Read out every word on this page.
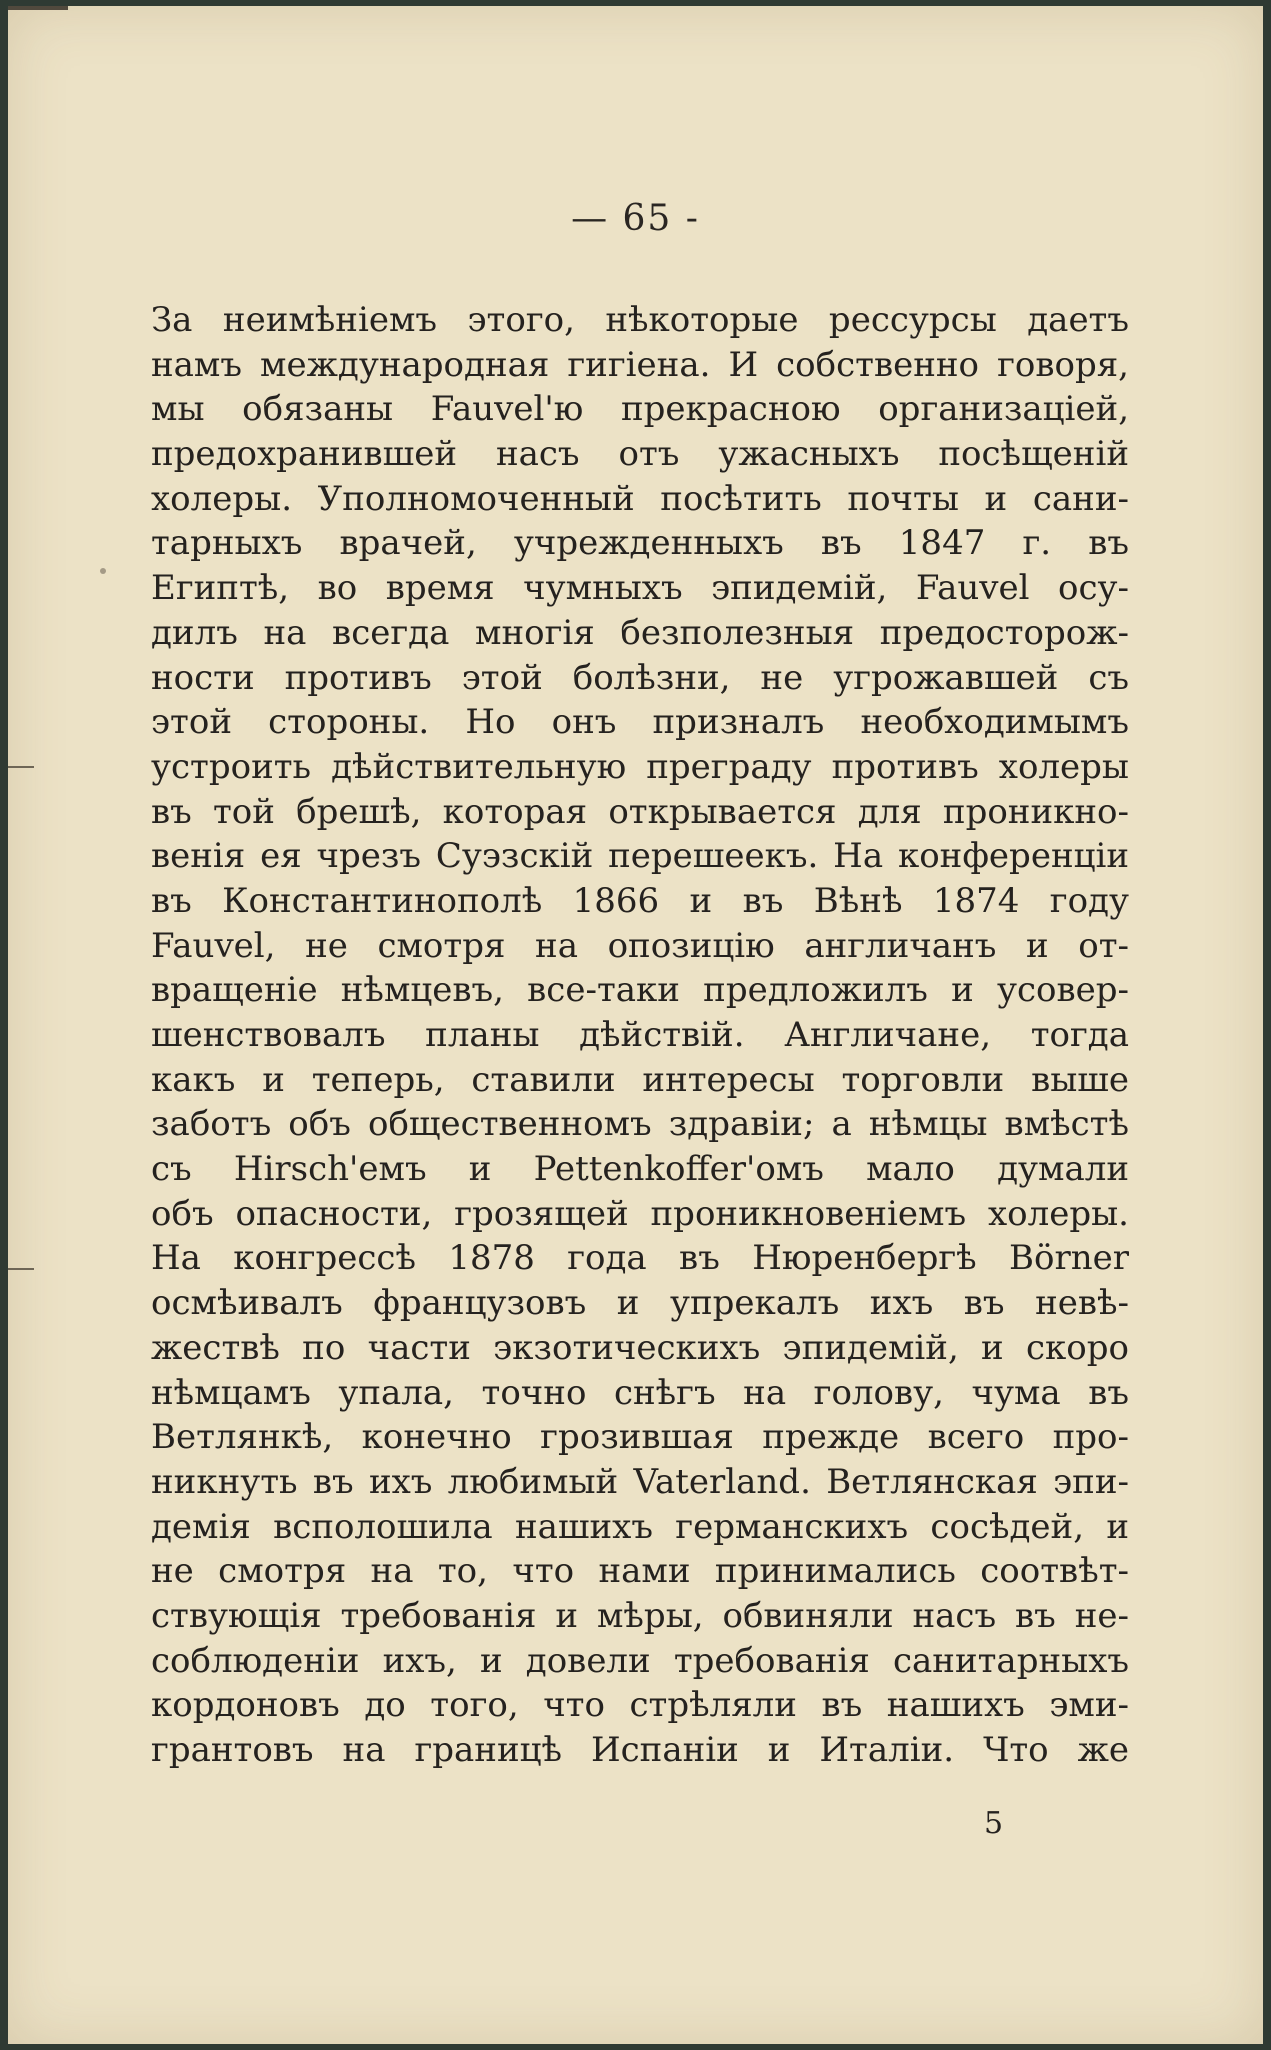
— 65 -
За неимѣніемъ этого, нѣкоторые рессурсы даетъ
намъ международная гигіена. И собственно говоря,
мы обязаны Fauvel'ю прекрасною организаціей,
предохранившей насъ отъ ужасныхъ посѣщеній
холеры. Уполномоченный посѣтить почты и сани-
тарныхъ врачей, учрежденныхъ въ 1847 г. въ
Египтѣ, во время чумныхъ эпидемій, Fauvel осу-
дилъ на всегда многія безполезныя предосторож-
ности противъ этой болѣзни, не угрожавшей съ
этой стороны. Но онъ призналъ необходимымъ
устроить дѣйствительную преграду противъ холеры
въ той брешѣ, которая открывается для проникно-
венія ея чрезъ Суэзскій перешеекъ. На конференціи
въ Константинополѣ 1866 и въ Вѣнѣ 1874 году
Fauvel, не смотря на опозицію англичанъ и от-
вращеніе нѣмцевъ, все-таки предложилъ и усовер-
шенствовалъ планы дѣйствій. Англичане, тогда
какъ и теперь, ставили интересы торговли выше
заботъ объ общественномъ здравіи; а нѣмцы вмѣстѣ
съ Hirsch'емъ и Pettenkoffer'омъ мало думали
объ опасности, грозящей проникновеніемъ холеры.
На конгрессѣ 1878 года въ Нюренбергѣ Börner
осмѣивалъ французовъ и упрекалъ ихъ въ невѣ-
жествѣ по части экзотическихъ эпидемій, и скоро
нѣмцамъ упала, точно снѣгъ на голову, чума въ
Ветлянкѣ, конечно грозившая прежде всего про-
никнуть въ ихъ любимый Vaterland. Ветлянская эпи-
демія всполошила нашихъ германскихъ сосѣдей, и
не смотря на то, что нами принимались соотвѣт-
ствующія требованія и мѣры, обвиняли насъ въ не-
соблюденіи ихъ, и довели требованія санитарныхъ
кордоновъ до того, что стрѣляли въ нашихъ эми-
грантовъ на границѣ Испаніи и Италіи. Что же
5
